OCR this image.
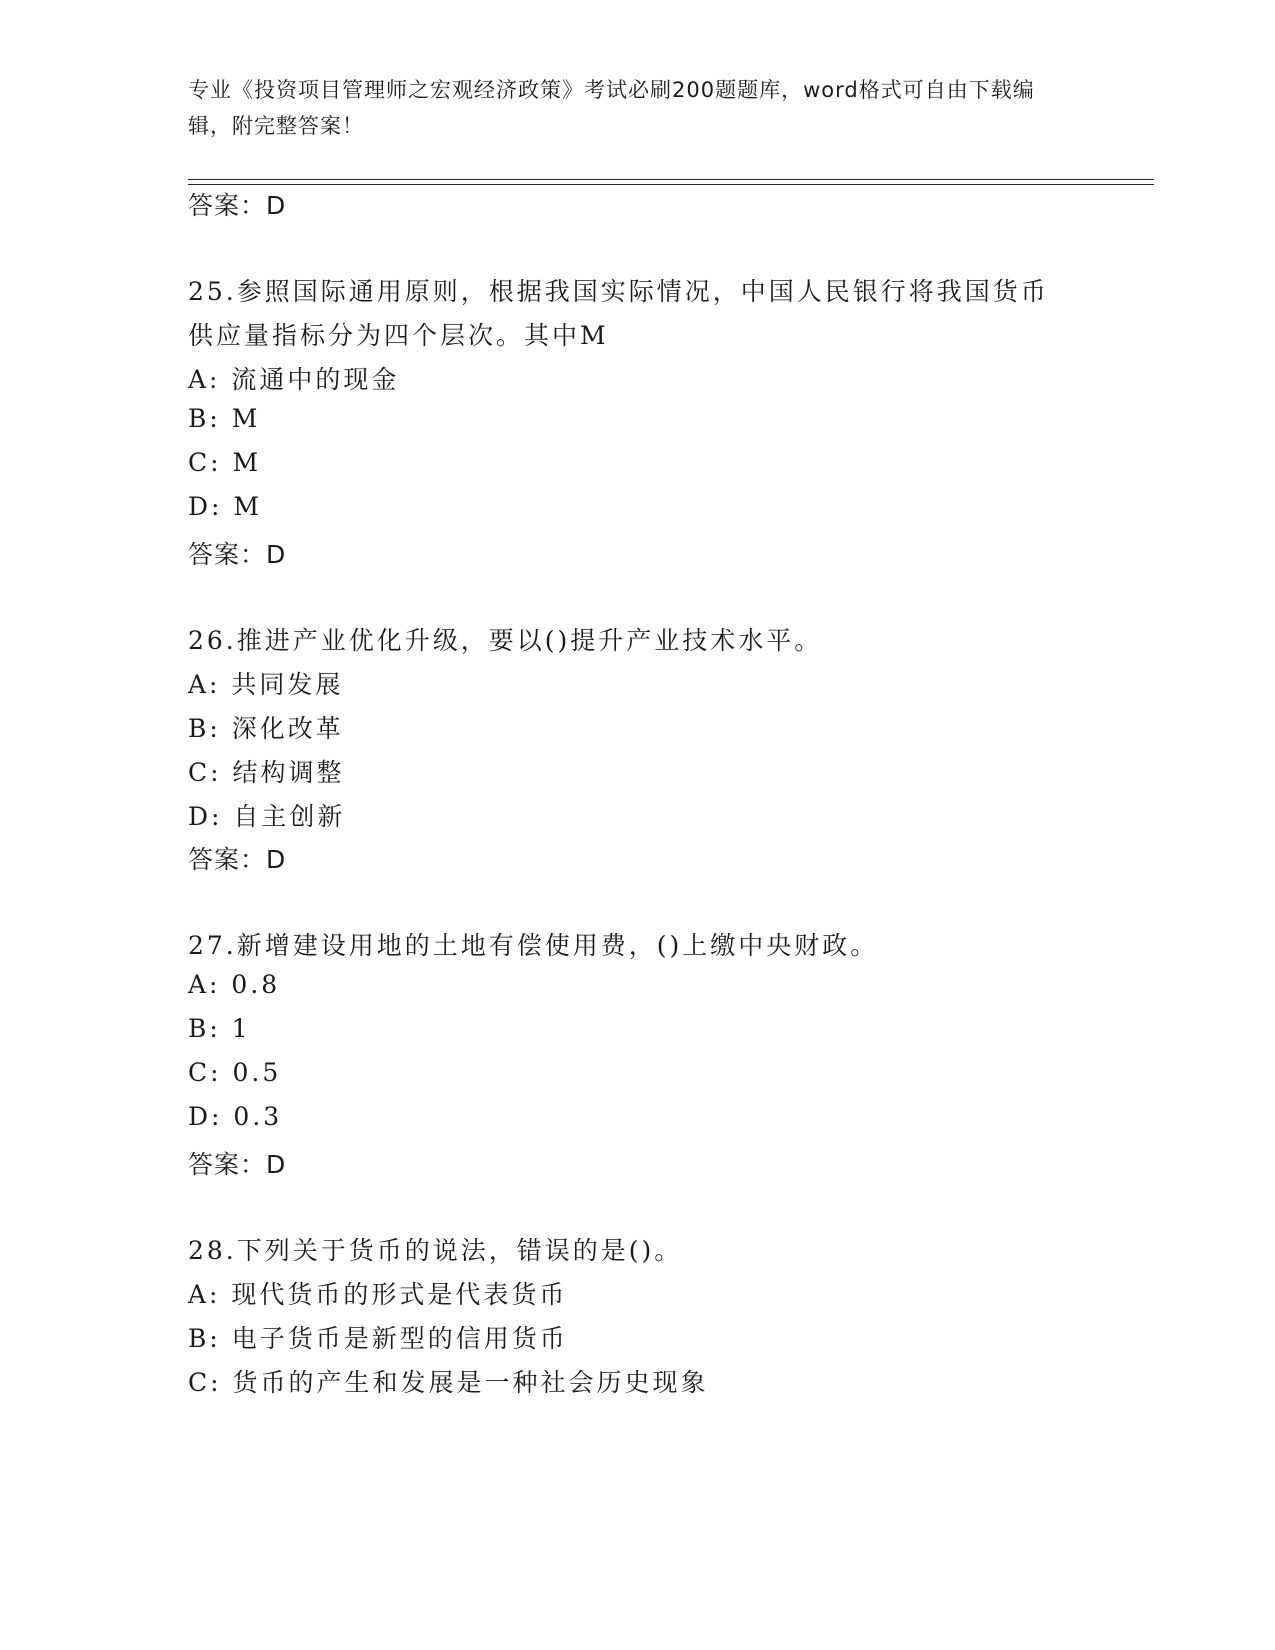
专业《投资项目管理师之宏观经济政策》考试必刷200题题库，word格式可自由下载编辑，附完整答案！
答案：D
25.参照国际通用原则，根据我国实际情况，中国人民银行将我国货币
供应量指标分为四个层次。其中M
A: 流通中的现金
B: M
C: M
D: M
答案：D
26.推进产业优化升级，要以()提升产业技术水平。
A: 共同发展
B: 深化改革
C: 结构调整
D: 自主创新
答案：D
27.新增建设用地的土地有偿使用费，()上缴中央财政。
A: 0.8
B: 1
C: 0.5
D: 0.3
答案：D
28.下列关于货币的说法，错误的是()。
A: 现代货币的形式是代表货币
B: 电子货币是新型的信用货币
C: 货币的产生和发展是一种社会历史现象
